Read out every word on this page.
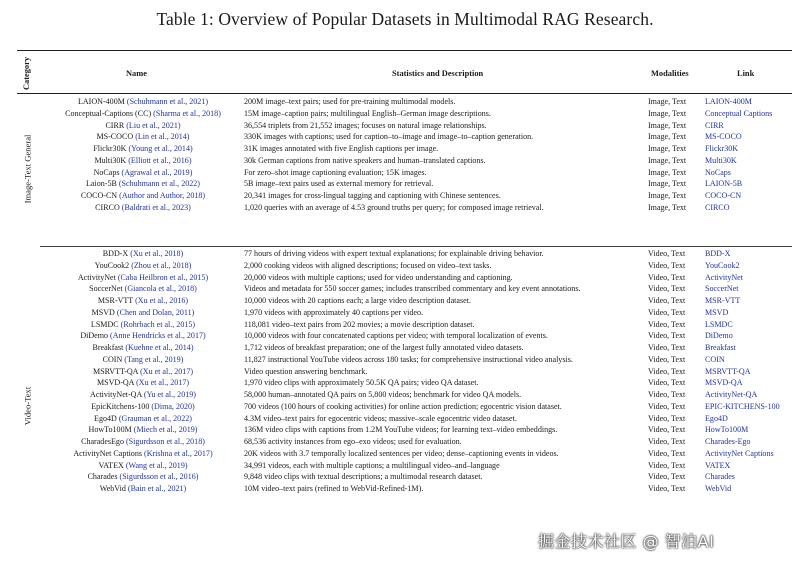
Table 1: Overview of Popular Datasets in Multimodal RAG Research.
Category	Name	Statistics and Description	Modalities	Link
Image-Text General
LAION-400M (Schuhmann et al., 2021)	200M image–text pairs; used for pre-training multimodal models.	Image, Text	LAION-400M
Conceptual-Captions (CC) (Sharma et al., 2018)	15M image–caption pairs; multilingual English–German image descriptions.	Image, Text	Conceptual Captions
CIRR (Liu et al., 2021)	36,554 triplets from 21,552 images; focuses on natural image relationships.	Image, Text	CIRR
MS-COCO (Lin et al., 2014)	330K images with captions; used for caption–to–image and image–to–caption generation.	Image, Text	MS-COCO
Flickr30K (Young et al., 2014)	31K images annotated with five English captions per image.	Image, Text	Flickr30K
Multi30K (Elliott et al., 2016)	30k German captions from native speakers and human–translated captions.	Image, Text	Multi30K
NoCaps (Agrawal et al., 2019)	For zero–shot image captioning evaluation; 15K images.	Image, Text	NoCaps
Laion-5B (Schuhmann et al., 2022)	5B image–text pairs used as external memory for retrieval.	Image, Text	LAION-5B
COCO-CN (Author and Author, 2018)	20,341 images for cross-lingual tagging and captioning with Chinese sentences.	Image, Text	COCO-CN
CIRCO (Baldrati et al., 2023)	1,020 queries with an average of 4.53 ground truths per query; for composed image retrieval.	Image, Text	CIRCO
Video-Text
BDD-X (Xu et al., 2018)	77 hours of driving videos with expert textual explanations; for explainable driving behavior.	Video, Text	BDD-X
YouCook2 (Zhou et al., 2018)	2,000 cooking videos with aligned descriptions; focused on video–text tasks.	Video, Text	YouCook2
ActivityNet (Caba Heilbron et al., 2015)	20,000 videos with multiple captions; used for video understanding and captioning.	Video, Text	ActivityNet
SoccerNet (Giancola et al., 2018)	Videos and metadata for 550 soccer games; includes transcribed commentary and key event annotations.	Video, Text	SoccerNet
MSR-VTT (Xu et al., 2016)	10,000 videos with 20 captions each; a large video description dataset.	Video, Text	MSR-VTT
MSVD (Chen and Dolan, 2011)	1,970 videos with approximately 40 captions per video.	Video, Text	MSVD
LSMDC (Rohrbach et al., 2015)	118,081 video–text pairs from 202 movies; a movie description dataset.	Video, Text	LSMDC
DiDemo (Anne Hendricks et al., 2017)	10,000 videos with four concatenated captions per video; with temporal localization of events.	Video, Text	DiDemo
Breakfast (Kuehne et al., 2014)	1,712 videos of breakfast preparation; one of the largest fully annotated video datasets.	Video, Text	Breakfast
COIN (Tang et al., 2019)	11,827 instructional YouTube videos across 180 tasks; for comprehensive instructional video analysis.	Video, Text	COIN
MSRVTT-QA (Xu et al., 2017)	Video question answering benchmark.	Video, Text	MSRVTT-QA
MSVD-QA (Xu et al., 2017)	1,970 video clips with approximately 50.5K QA pairs; video QA dataset.	Video, Text	MSVD-QA
ActivityNet-QA (Yu et al., 2019)	58,000 human–annotated QA pairs on 5,800 videos; benchmark for video QA models.	Video, Text	ActivityNet-QA
EpicKitchens-100 (Dima, 2020)	700 videos (100 hours of cooking activities) for online action prediction; egocentric vision dataset.	Video, Text	EPIC-KITCHENS-100
Ego4D (Grauman et al., 2022)	4.3M video–text pairs for egocentric videos; massive–scale egocentric video dataset.	Video, Text	Ego4D
HowTo100M (Miech et al., 2019)	136M video clips with captions from 1.2M YouTube videos; for learning text–video embeddings.	Video, Text	HowTo100M
CharadesEgo (Sigurdsson et al., 2018)	68,536 activity instances from ego–exo videos; used for evaluation.	Video, Text	Charades-Ego
ActivityNet Captions (Krishna et al., 2017)	20K videos with 3.7 temporally localized sentences per video; dense–captioning events in videos.	Video, Text	ActivityNet Captions
VATEX (Wang et al., 2019)	34,991 videos, each with multiple captions; a multilingual video–and–language	Video, Text	VATEX
Charades (Sigurdsson et al., 2016)	9,848 video clips with textual descriptions; a multimodal research dataset.	Video, Text	Charades
WebVid (Bain et al., 2021)	10M video–text pairs (refined to WebVid-Refined-1M).	Video, Text	WebVid
掘金技术社区 @ 智泊AI
